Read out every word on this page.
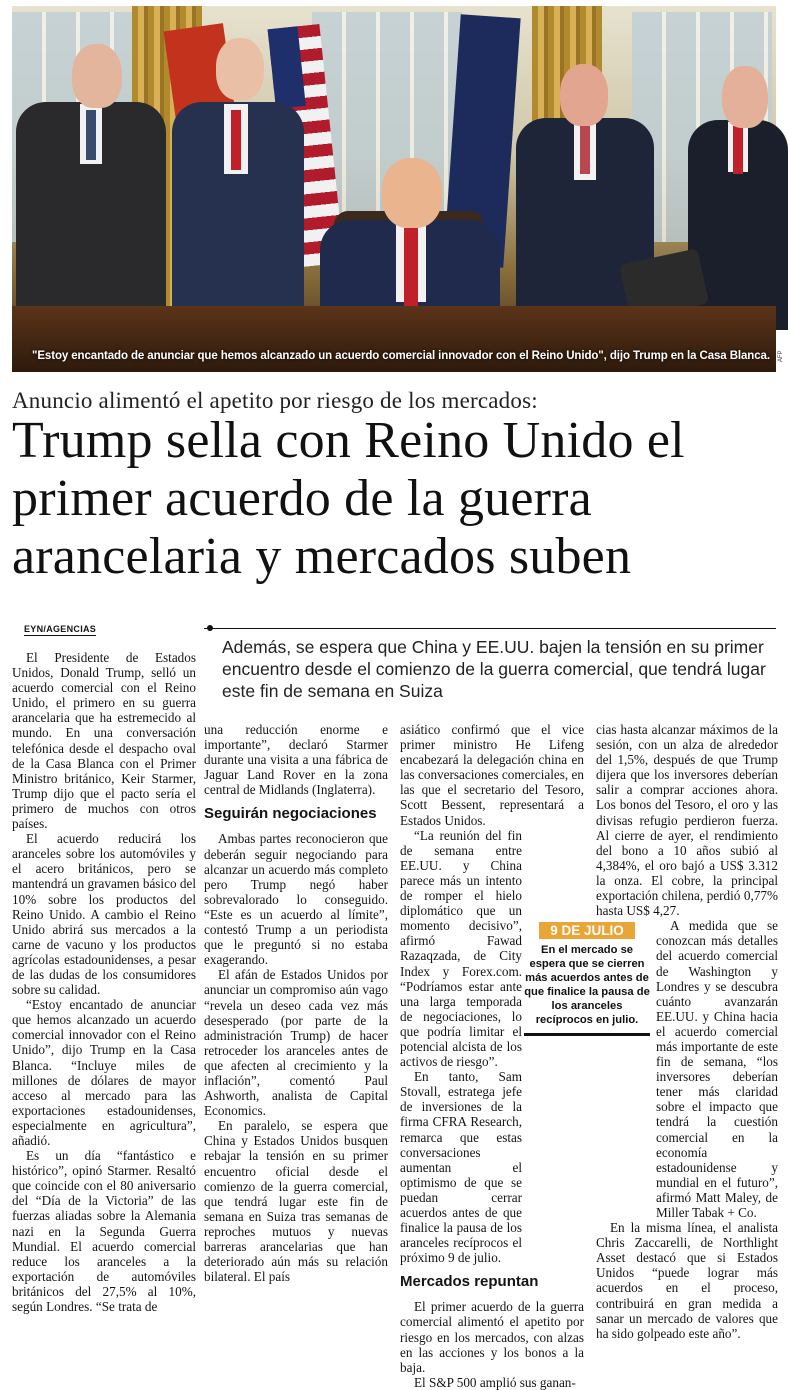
"Estoy encantado de anunciar que hemos alcanzado un acuerdo comercial innovador con el Reino Unido", dijo Trump en la Casa Blanca.	AFP
Anuncio alimentó el apetito por riesgo de los mercados:
Trump sella con Reino Unido el primer acuerdo de la guerra arancelaria y mercados suben
EYN/AGENCIAS
Además, se espera que China y EE.UU. bajen la tensión en su primer encuentro desde el comienzo de la guerra comercial, que tendrá lugar este fin de semana en Suiza

El Presidente de Estados Unidos, Donald Trump, selló un acuerdo comercial con el Reino Unido, el primero en su guerra arancelaria que ha estremecido al mundo. En una conversación telefónica desde el despacho oval de la Casa Blanca con el Primer Ministro británico, Keir Starmer, Trump dijo que el pacto sería el primero de muchos con otros países.

El acuerdo reducirá los aranceles sobre los automóviles y el acero británicos, pero se mantendrá un gravamen básico del 10% sobre los productos del Reino Unido. A cambio el Reino Unido abrirá sus mercados a la carne de vacuno y los productos agrícolas estadounidenses, a pesar de las dudas de los consumidores sobre su calidad.

“Estoy encantado de anunciar que hemos alcanzado un acuerdo comercial innovador con el Reino Unido”, dijo Trump en la Casa Blanca. “Incluye miles de millones de dólares de mayor acceso al mercado para las exportaciones estadounidenses, especialmente en agricultura”, añadió.

Es un día “fantástico e histórico”, opinó Starmer. Resaltó que coincide con el 80 aniversario del “Día de la Victoria” de las fuerzas aliadas sobre la Alemania nazi en la Segunda Guerra Mundial. El acuerdo comercial reduce los aranceles a la exportación de automóviles británicos del 27,5% al 10%, según Londres. “Se trata de

una reducción enorme e importante”, declaró Starmer durante una visita a una fábrica de Jaguar Land Rover en la zona central de Midlands (Inglaterra).

Seguirán negociaciones

Ambas partes reconocieron que deberán seguir negociando para alcanzar un acuerdo más completo pero Trump negó haber sobrevalorado lo conseguido. “Este es un acuerdo al límite”, contestó Trump a un periodista que le preguntó si no estaba exagerando.

El afán de Estados Unidos por anunciar un compromiso aún vago “revela un deseo cada vez más desesperado (por parte de la administración Trump) de hacer retroceder los aranceles antes de que afecten al crecimiento y la inflación”, comentó Paul Ashworth, analista de Capital Economics.

En paralelo, se espera que China y Estados Unidos busquen rebajar la tensión en su primer encuentro oficial desde el comienzo de la guerra comercial, que tendrá lugar este fin de semana en Suiza tras semanas de reproches mutuos y nuevas barreras arancelarias que han deteriorado aún más su relación bilateral. El país

asiático confirmó que el vice primer ministro He Lifeng encabezará la delegación china en las conversaciones comerciales, en las que el secretario del Tesoro, Scott Bessent, representará a Estados Unidos.

“La reunión del fin de semana entre EE.UU. y China parece más un intento de romper el hielo diplomático que un momento decisivo”, afirmó Fawad Razaqzada, de City Index y Forex.com. “Podríamos estar ante una larga temporada de negociaciones, lo que podría limitar el potencial alcista de los activos de riesgo”.

En tanto, Sam Stovall, estratega jefe de inversiones de la firma CFRA Research, remarca que estas conversaciones aumentan el optimismo de que se puedan cerrar acuerdos antes de que finalice la pausa de los aranceles recíprocos el próximo 9 de julio.

Mercados repuntan

El primer acuerdo de la guerra comercial alimentó el apetito por riesgo en los mercados, con alzas en las acciones y los bonos a la baja.

El S&P 500 amplió sus ganan-

cias hasta alcanzar máximos de la sesión, con un alza de alrededor del 1,5%, después de que Trump dijera que los inversores deberían salir a comprar acciones ahora. Los bonos del Tesoro, el oro y las divisas refugio perdieron fuerza. Al cierre de ayer, el rendimiento del bono a 10 años subió al 4,384%, el oro bajó a US$ 3.312 la onza. El cobre, la principal exportación chilena, perdió 0,77% hasta US$ 4,27.

A medida que se conozcan más detalles del acuerdo comercial de Washington y Londres y se descubra cuánto avanzarán EE.UU. y China hacia el acuerdo comercial más importante de este fin de semana, “los inversores deberían tener más claridad sobre el impacto que tendrá la cuestión comercial en la economía estadounidense y mundial en el futuro”, afirmó Matt Maley, de Miller Tabak + Co.

En la misma línea, el analista Chris Zaccarelli, de Northlight Asset destacó que si Estados Unidos “puede lograr más acuerdos en el proceso, contribuirá en gran medida a sanar un mercado de valores que ha sido golpeado este año”.

9 DE JULIO
En el mercado se espera que se cierren más acuerdos antes de que finalice la pausa de los aranceles recíprocos en julio.
